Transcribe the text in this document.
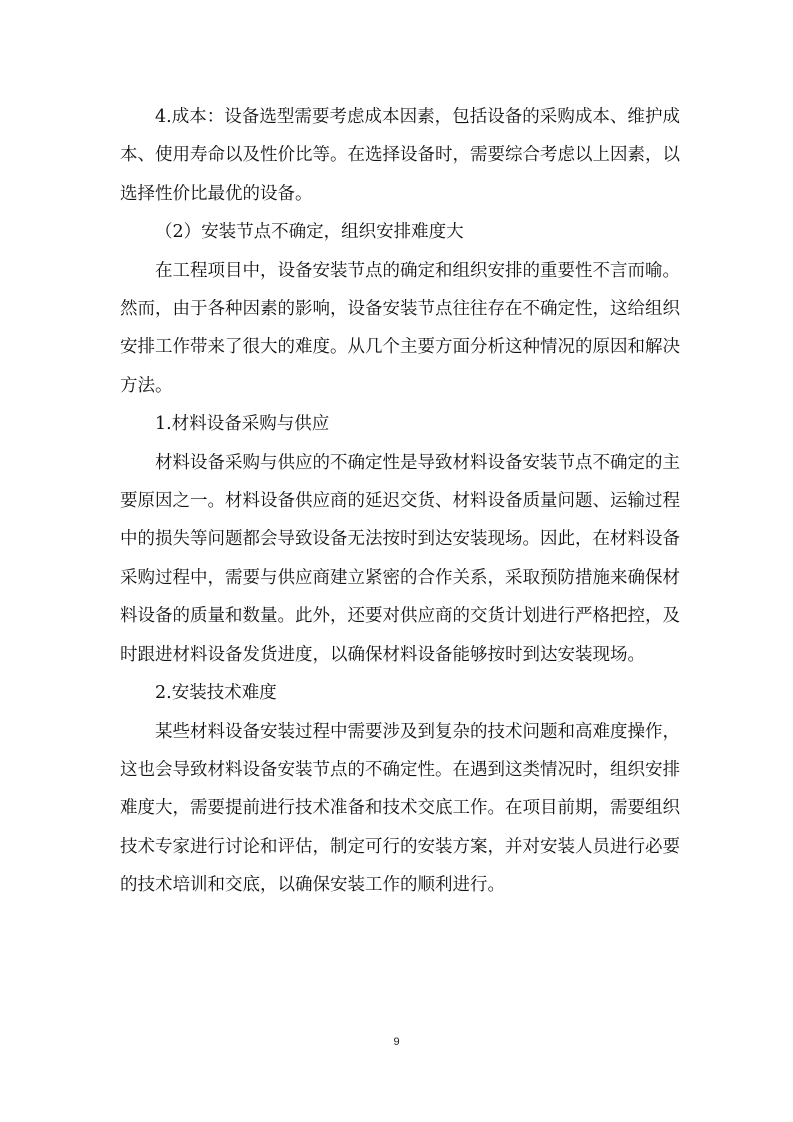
4.成本：设备选型需要考虑成本因素，包括设备的采购成本、维护成本、使用寿命以及性价比等。在选择设备时，需要综合考虑以上因素，以选择性价比最优的设备。

（2）安装节点不确定，组织安排难度大

在工程项目中，设备安装节点的确定和组织安排的重要性不言而喻。然而，由于各种因素的影响，设备安装节点往往存在不确定性，这给组织安排工作带来了很大的难度。从几个主要方面分析这种情况的原因和解决方法。

1.材料设备采购与供应

材料设备采购与供应的不确定性是导致材料设备安装节点不确定的主要原因之一。材料设备供应商的延迟交货、材料设备质量问题、运输过程中的损失等问题都会导致设备无法按时到达安装现场。因此，在材料设备采购过程中，需要与供应商建立紧密的合作关系，采取预防措施来确保材料设备的质量和数量。此外，还要对供应商的交货计划进行严格把控，及时跟进材料设备发货进度，以确保材料设备能够按时到达安装现场。

2.安装技术难度

某些材料设备安装过程中需要涉及到复杂的技术问题和高难度操作，这也会导致材料设备安装节点的不确定性。在遇到这类情况时，组织安排难度大，需要提前进行技术准备和技术交底工作。在项目前期，需要组织技术专家进行讨论和评估，制定可行的安装方案，并对安装人员进行必要的技术培训和交底，以确保安装工作的顺利进行。

9
